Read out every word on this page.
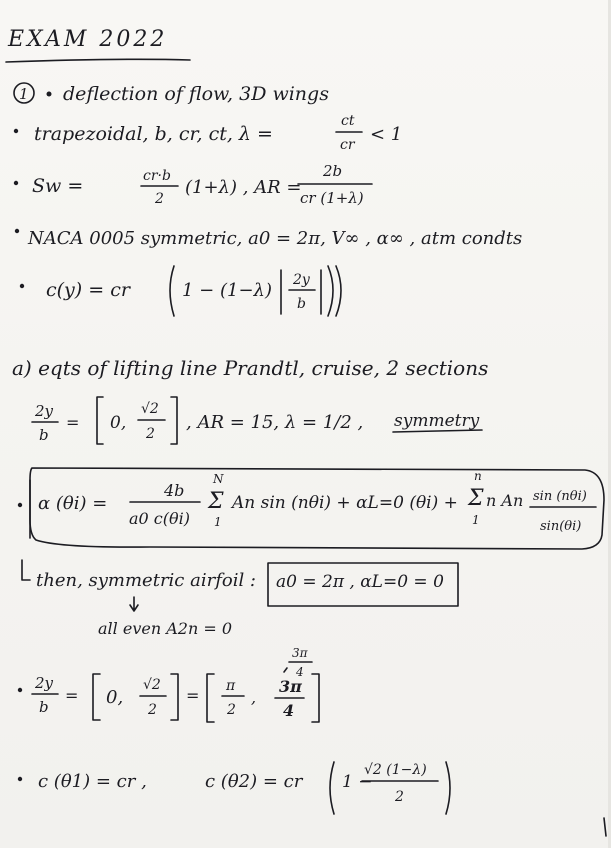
EXAM 2022
1 deflection of flow, 3D wings
trapezoidal, b, cr, ct, λ =
ct
cr < 1
Sw =	cr·b
2
(1+λ) , AR =
2b
cr (1+λ)
NACA 0005 symmetric, a0 = 2π, V∞ , α∞ , atm condts
c(y) = cr	1 − (1−λ) 2y
b
a) eqts of lifting line Prandtl, cruise, 2 sections
2y
b
= 0,
√2
2
, AR = 15, λ = 1/2 , symmetry
α (θi) =
4b
a0 c(θi)
N
Σ
1
An sin (nθi) + αL=0 (θi) +
n
Σ
1
n An sin (nθi)
sin(θi)
then, symmetric airfoil : a0 = 2π , αL=0 = 0
all even A2n = 0
3π
4
2y
b
= 0,
√2
2
= π
2
,
3π
4
c (θ1) = cr ,	c (θ2) = cr 1 −
√2 (1−λ)
2
